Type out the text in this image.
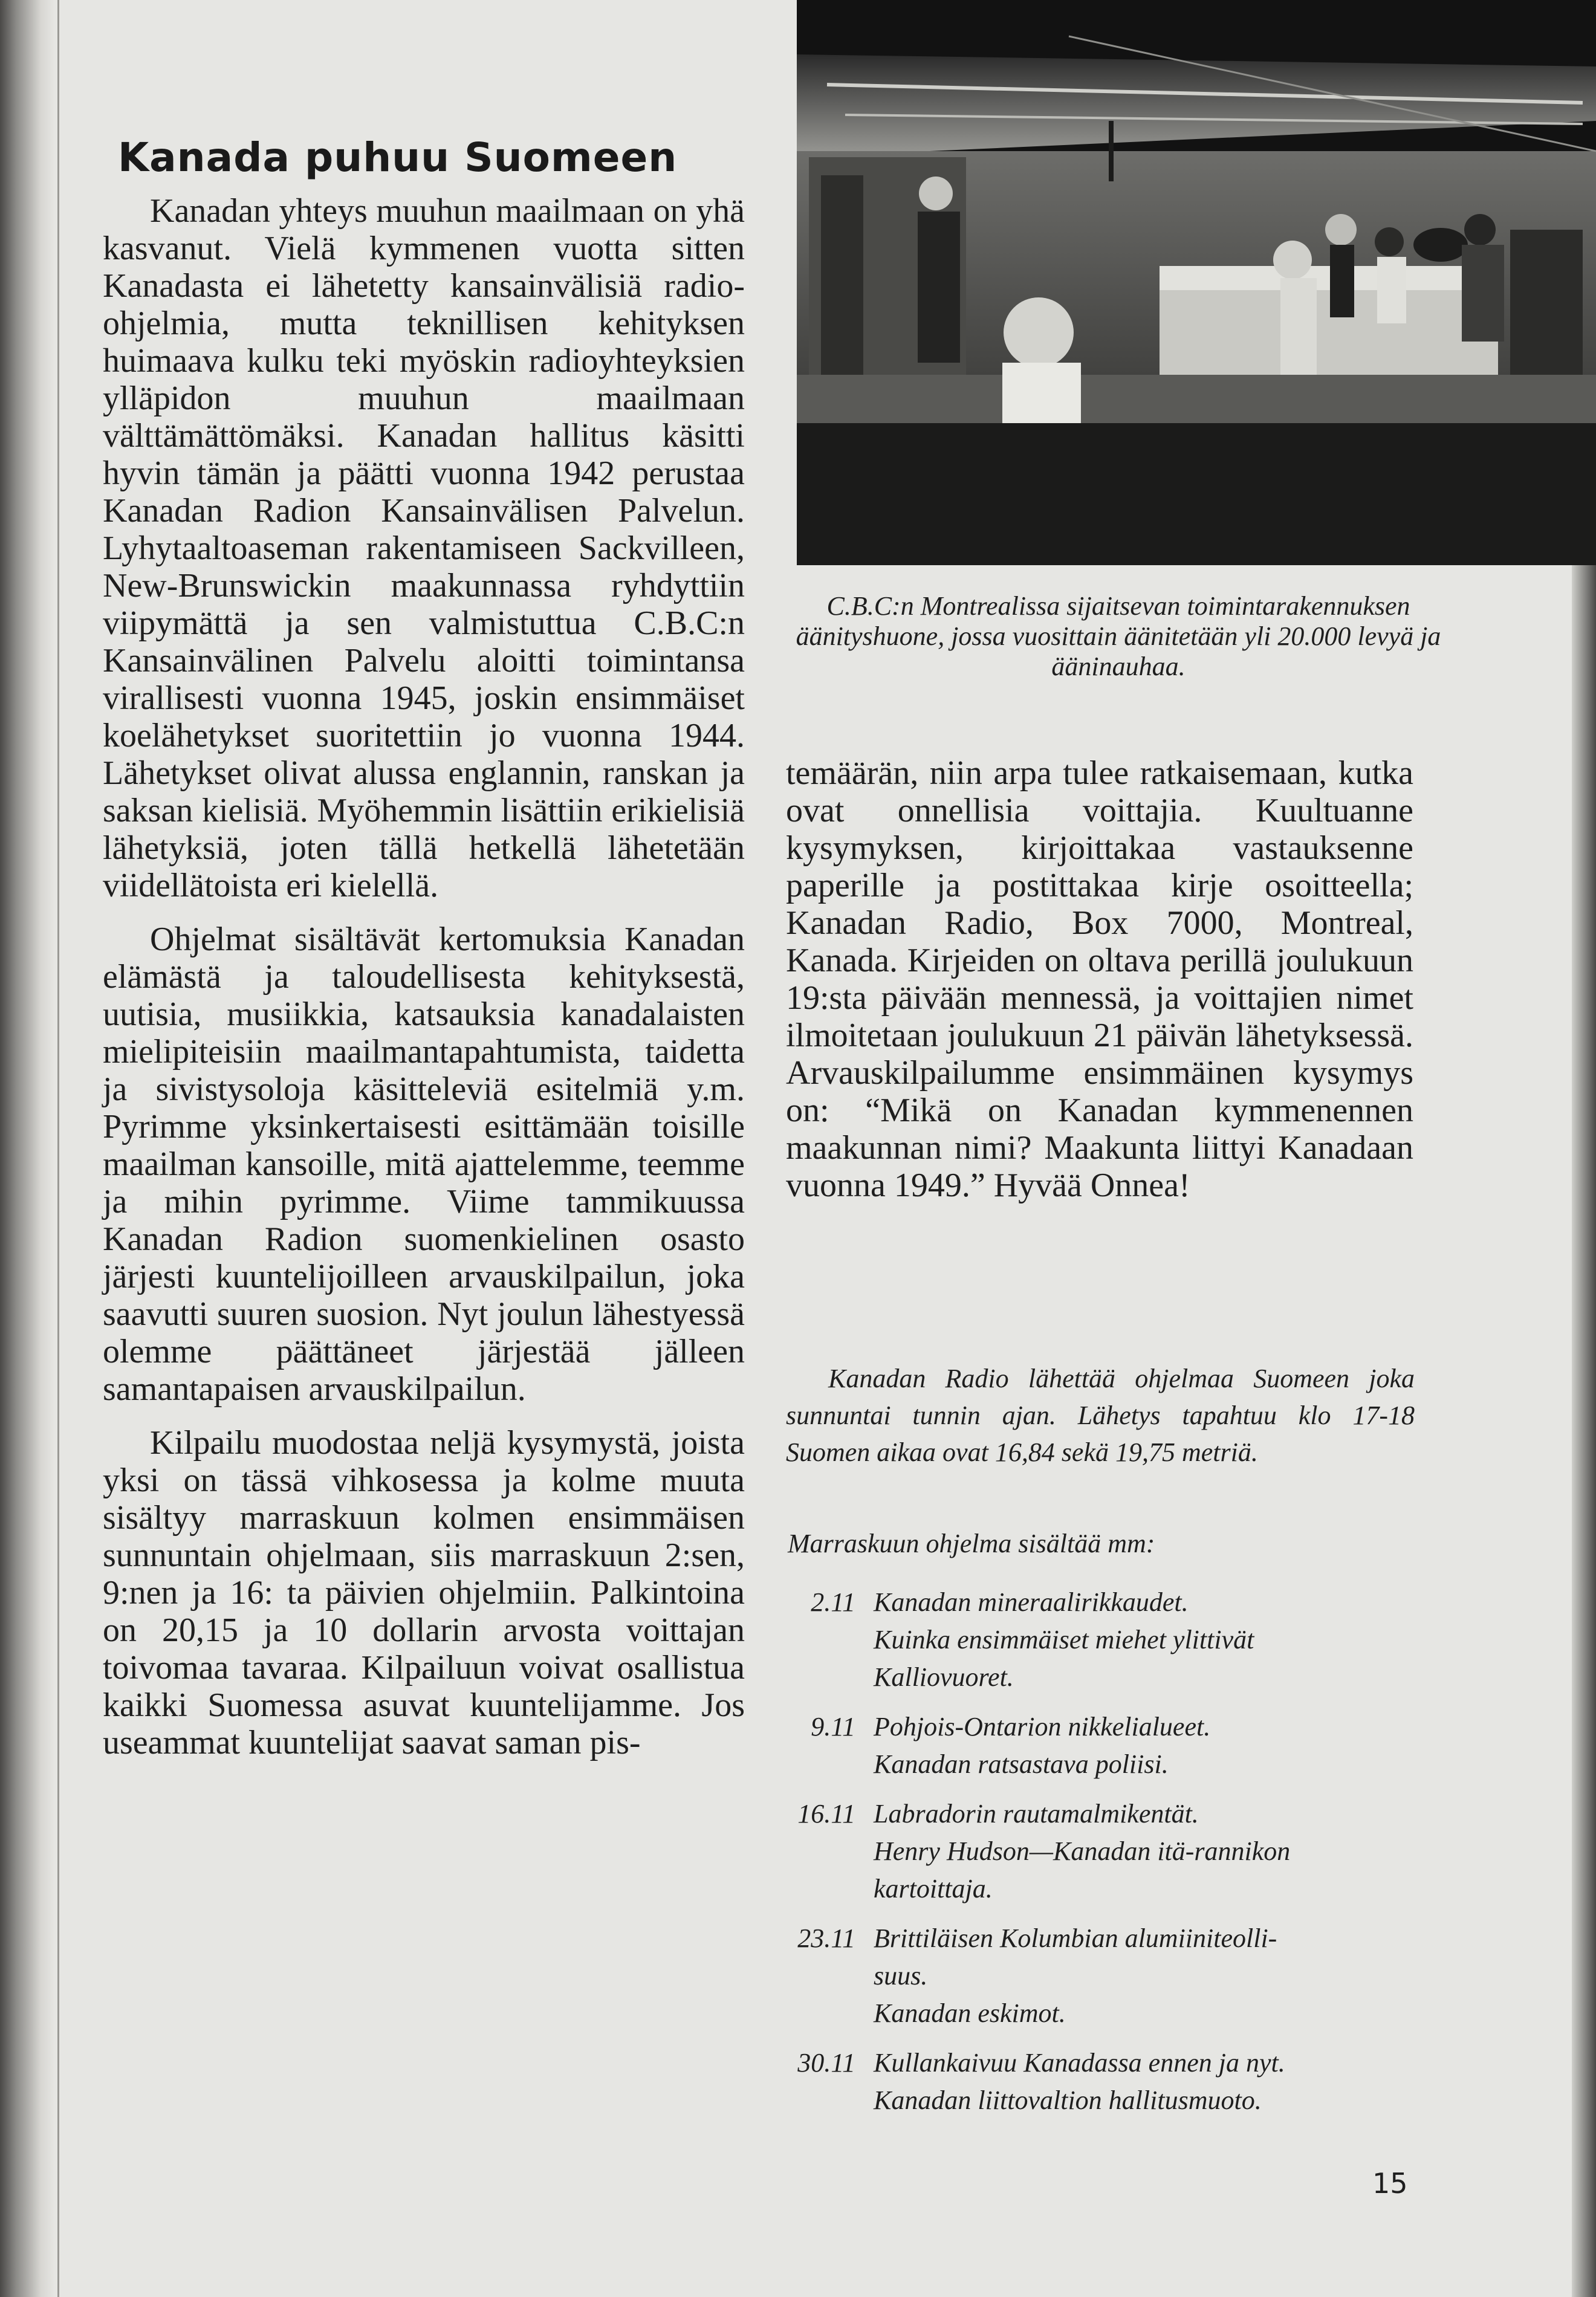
C.B.C:n Montrealissa sijaitsevan toimintarakennuksen äänityshuone, jossa vuosittain äänitetään yli 20.000 levyä ja ääninauhaa.
Kanada puhuu Suomeen

Kanadan yhteys muuhun maailmaan on yhä kasvanut. Vielä kymmenen vuotta sitten Kanadasta ei lähetetty kansainvälisiä radio-ohjelmia, mutta teknillisen kehityksen huimaava kulku teki myöskin radioyhteyksien ylläpidon muuhun maailmaan välttämättömäksi. Kanadan hallitus käsitti hyvin tämän ja päätti vuonna 1942 perustaa Kanadan Radion Kansainvälisen Palvelun. Lyhytaaltoaseman rakentamiseen Sackvilleen, New-Brunswickin maakunnassa ryhdyttiin viipymättä ja sen valmistuttua C.B.C:n Kansainvälinen Palvelu aloitti toimintansa virallisesti vuonna 1945, joskin ensimmäiset koelähetykset suoritettiin jo vuonna 1944. Lähetykset olivat alussa englannin, ranskan ja saksan kielisiä. Myöhemmin lisättiin erikielisiä lähetyksiä, joten tällä hetkellä lähetetään viidellätoista eri kielellä.

Ohjelmat sisältävät kertomuksia Kanadan elämästä ja taloudellisesta kehityksestä, uutisia, musiikkia, katsauksia kanadalaisten mielipiteisiin maailmantapahtumista, taidetta ja sivistysoloja käsitteleviä esitelmiä y.m. Pyrimme yksinkertaisesti esittämään toisille maailman kansoille, mitä ajattelemme, teemme ja mihin pyrimme. Viime tammikuussa Kanadan Radion suomenkielinen osasto järjesti kuuntelijoilleen arvauskilpailun, joka saavutti suuren suosion. Nyt joulun lähestyessä olemme päättäneet järjestää jälleen samantapaisen arvauskilpailun.

Kilpailu muodostaa neljä kysymystä, joista yksi on tässä vihkosessa ja kolme muuta sisältyy marraskuun kolmen ensimmäisen sunnuntain ohjelmaan, siis marraskuun 2:sen, 9:nen ja 16: ta päivien ohjelmiin. Palkintoina on 20,15 ja 10 dollarin arvosta voittajan toivomaa tavaraa. Kilpailuun voivat osallistua kaikki Suomessa asuvat kuuntelijamme. Jos useammat kuuntelijat saavat saman pis-

temäärän, niin arpa tulee ratkaisemaan, kutka ovat onnellisia voittajia. Kuultuanne kysymyksen, kirjoittakaa vastauksenne paperille ja postittakaa kirje osoitteella; Kanadan Radio, Box 7000, Montreal, Kanada. Kirjeiden on oltava perillä joulukuun 19:sta päivään mennessä, ja voittajien nimet ilmoitetaan joulukuun 21 päivän lähetyksessä. Arvauskilpailumme ensimmäinen kysymys on: “Mikä on Kanadan kymmenennen maakunnan nimi? Maakunta liittyi Kanadaan vuonna 1949.” Hyvää Onnea!

Kanadan Radio lähettää ohjelmaa Suomeen joka sunnuntai tunnin ajan. Lähetys tapahtuu klo 17-18 Suomen aikaa ovat 16,84 sekä 19,75 metriä.

Marraskuun ohjelma sisältää mm:

2.11 Kanadan mineraalirikkaudet.
Kuinka ensimmäiset miehet ylittivät
Kalliovuoret.
9.11 Pohjois-Ontarion nikkelialueet.
Kanadan ratsastava poliisi.
16.11 Labradorin rautamalmikentät.
Henry Hudson—Kanadan itä-rannikon
kartoittaja.
23.11 Brittiläisen Kolumbian alumiiniteolli-
suus.
Kanadan eskimot.
30.11 Kullankaivuu Kanadassa ennen ja nyt.
Kanadan liittovaltion hallitusmuoto.
15
